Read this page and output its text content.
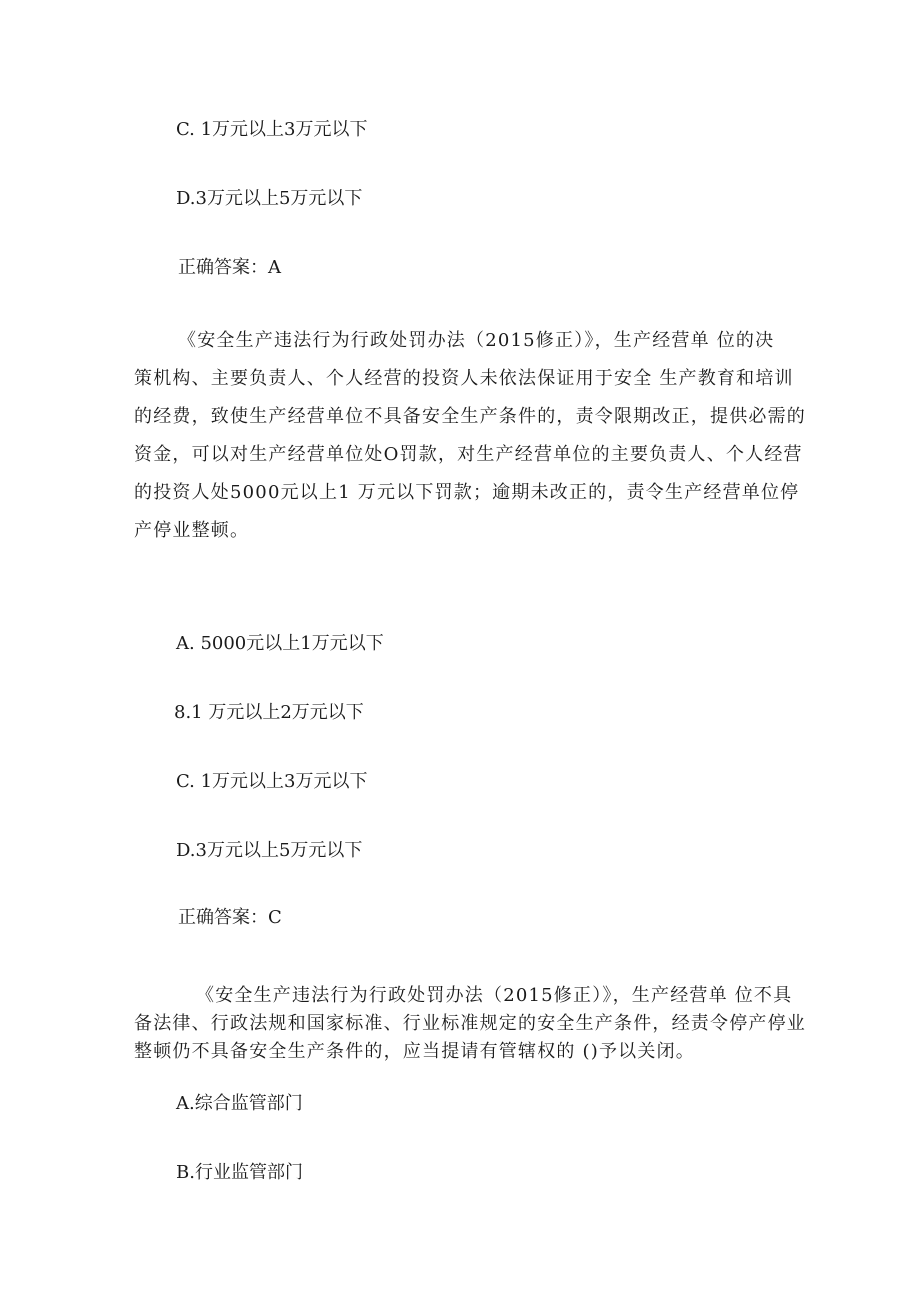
C. 1万元以上3万元以下

D.3万元以上5万元以下

正确答案：A

《安全生产违法行为行政处罚办法（2015修正）》，生产经营单 位的决
策机构、主要负责人、个人经营的投资人未依法保证用于安全 生产教育和培训
的经费，致使生产经营单位不具备安全生产条件的，责令限期改正，提供必需的
资金，可以对生产经营单位处O罚款，对生产经营单位的主要负责人、个人经营
的投资人处5000元以上1 万元以下罚款；逾期未改正的，责令生产经营单位停
产停业整顿。

A. 5000元以上1万元以下

8.1 万元以上2万元以下

C. 1万元以上3万元以下

D.3万元以上5万元以下

正确答案：C

《安全生产违法行为行政处罚办法（2015修正）》，生产经营单 位不具
备法律、行政法规和国家标准、行业标准规定的安全生产条件，经责令停产停业
整顿仍不具备安全生产条件的，应当提请有管辖权的 ()予以关闭。

A.综合监管部门

B.行业监管部门
